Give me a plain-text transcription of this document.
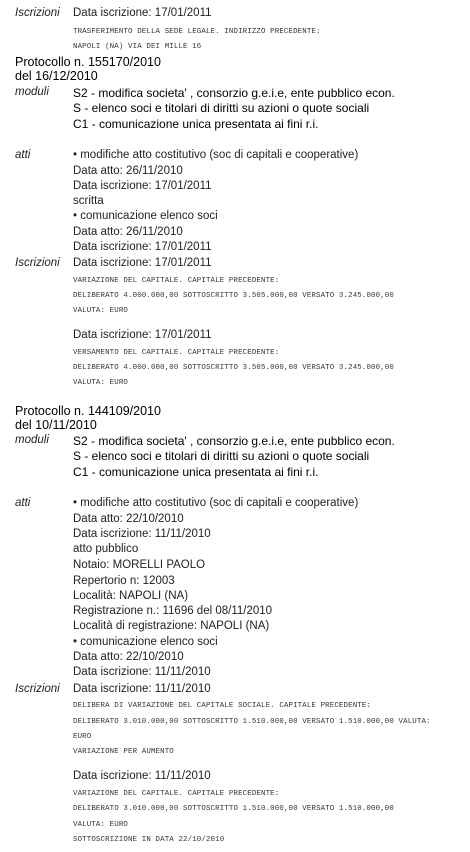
Iscrizioni Data iscrizione: 17/01/2011
TRASFERIMENTO DELLA SEDE LEGALE. INDIRIZZO PRECEDENTE:
NAPOLI (NA) VIA DEI MILLE 16
Protocollo n. 155170/2010
del 16/12/2010
moduli S2 - modifica societa' , consorzio g.e.i.e, ente pubblico econ.
S - elenco soci e titolari di diritti su azioni o quote sociali
C1 - comunicazione unica presentata ai fini r.i.
atti	• modifiche atto costitutivo (soc di capitali e cooperative)
Data atto: 26/11/2010
Data iscrizione: 17/01/2011
scritta
• comunicazione elenco soci
Data atto: 26/11/2010
Data iscrizione: 17/01/2011
Iscrizioni Data iscrizione: 17/01/2011
VARIAZIONE DEL CAPITALE. CAPITALE PRECEDENTE:
DELIBERATO 4.000.000,00 SOTTOSCRITTO 3.505.000,00 VERSATO 3.245.000,00
VALUTA: EURO
Data iscrizione: 17/01/2011
VERSAMENTO DEL CAPITALE. CAPITALE PRECEDENTE:
DELIBERATO 4.000.000,00 SOTTOSCRITTO 3.505.000,00 VERSATO 3.245.000,00
VALUTA: EURO
Protocollo n. 144109/2010
del 10/11/2010
moduli S2 - modifica societa' , consorzio g.e.i.e, ente pubblico econ.
S - elenco soci e titolari di diritti su azioni o quote sociali
C1 - comunicazione unica presentata ai fini r.i.
atti	• modifiche atto costitutivo (soc di capitali e cooperative)
Data atto: 22/10/2010
Data iscrizione: 11/11/2010
atto pubblico
Notaio: MORELLI PAOLO
Repertorio n: 12003
Località: NAPOLI (NA)
Registrazione n.: 11696 del 08/11/2010
Località di registrazione: NAPOLI (NA)
• comunicazione elenco soci
Data atto: 22/10/2010
Data iscrizione: 11/11/2010
Iscrizioni Data iscrizione: 11/11/2010
DELIBERA DI VARIAZIONE DEL CAPITALE SOCIALE. CAPITALE PRECEDENTE:
DELIBERATO 3.010.000,00 SOTTOSCRITTO 1.510.000,00 VERSATO 1.510.000,00 VALUTA:
EURO
VARIAZIONE PER AUMENTO
Data iscrizione: 11/11/2010
VARIAZIONE DEL CAPITALE. CAPITALE PRECEDENTE:
DELIBERATO 3.010.000,00 SOTTOSCRITTO 1.510.000,00 VERSATO 1.510.000,00
VALUTA: EURO
SOTTOSCRIZIONE IN DATA 22/10/2010
